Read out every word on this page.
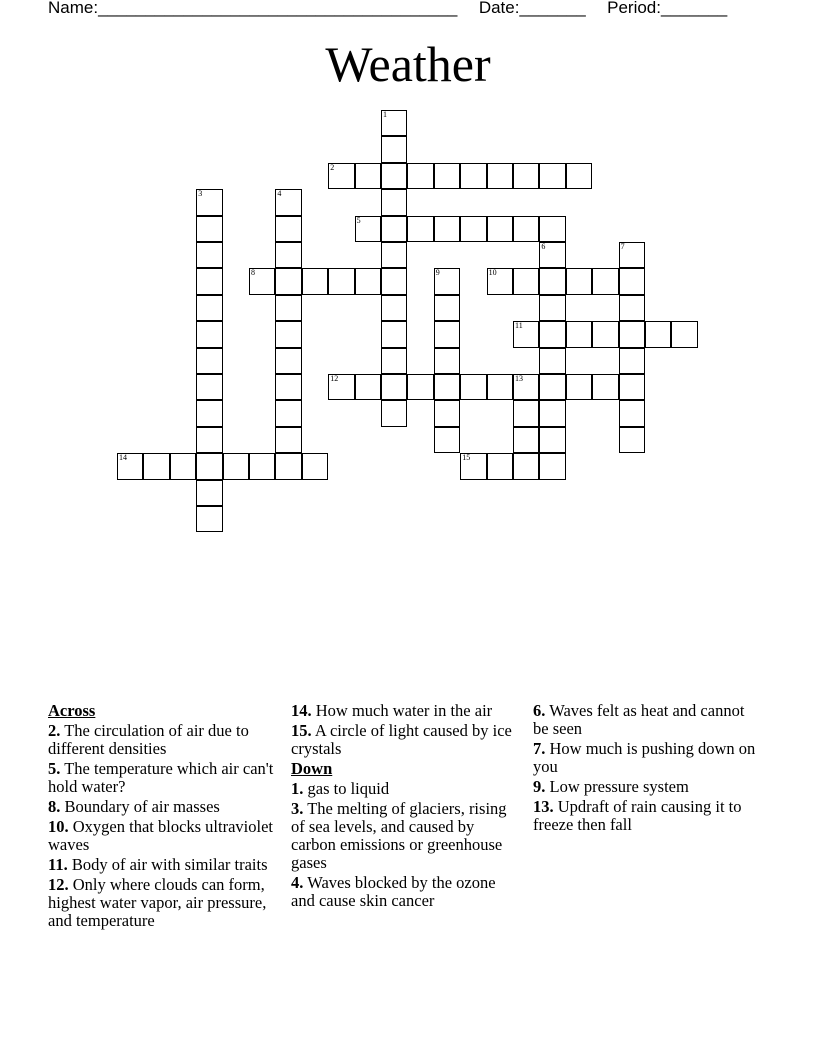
Name:______________________________________ Date:_______ Period:_______
Weather
1
2
3	4
5
6	7
8	9	10
11
12	13
14	15
Across
2. The circulation of air due to different densities
5. The temperature which air can't hold water?
8. Boundary of air masses
10. Oxygen that blocks ultraviolet waves
11. Body of air with similar traits
12. Only where clouds can form, highest water vapor, air pressure, and temperature
14. How much water in the air
15. A circle of light caused by ice crystals
Down
1. gas to liquid
3. The melting of glaciers, rising of sea levels, and caused by carbon emissions or greenhouse gases
4. Waves blocked by the ozone and cause skin cancer
6. Waves felt as heat and cannot be seen
7. How much is pushing down on you
9. Low pressure system
13. Updraft of rain causing it to freeze then fall
